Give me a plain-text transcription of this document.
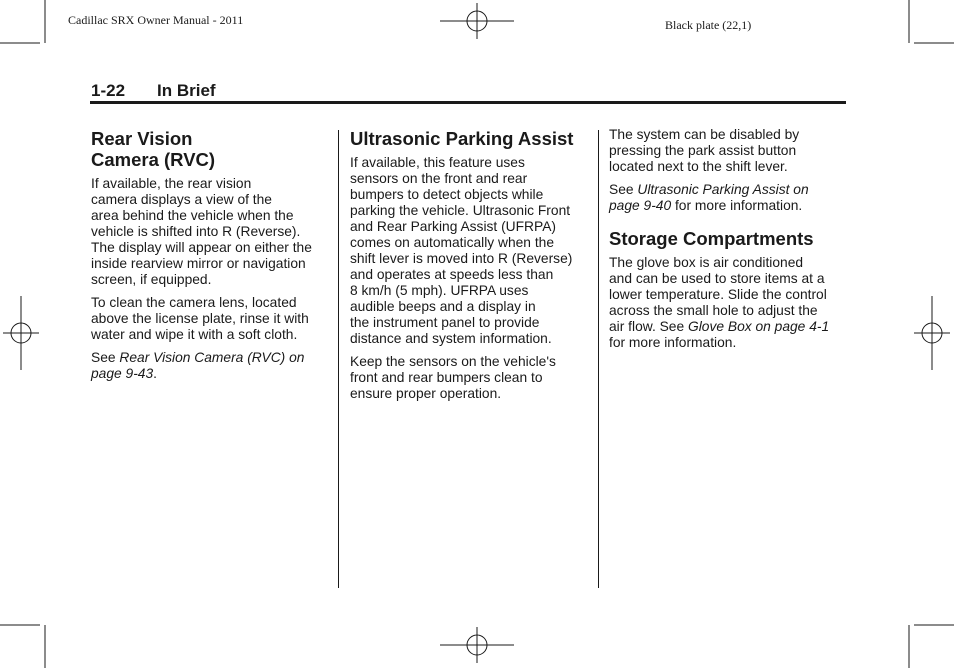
Cadillac SRX Owner Manual - 2011	Black plate (22,1)
1-22 In Brief
Rear Vision
Camera (RVC)

If available, the rear vision
camera displays a view of the
area behind the vehicle when the
vehicle is shifted into R (Reverse).
The display will appear on either the
inside rearview mirror or navigation
screen, if equipped.

To clean the camera lens, located
above the license plate, rinse it with
water and wipe it with a soft cloth.

See Rear Vision Camera (RVC) on
page 9-43.

Ultrasonic Parking Assist

If available, this feature uses
sensors on the front and rear
bumpers to detect objects while
parking the vehicle. Ultrasonic Front
and Rear Parking Assist (UFRPA)
comes on automatically when the
shift lever is moved into R (Reverse)
and operates at speeds less than
8 km/h (5 mph). UFRPA uses
audible beeps and a display in
the instrument panel to provide
distance and system information.

Keep the sensors on the vehicle's
front and rear bumpers clean to
ensure proper operation.

The system can be disabled by
pressing the park assist button
located next to the shift lever.

See Ultrasonic Parking Assist on
page 9-40 for more information.

Storage Compartments

The glove box is air conditioned
and can be used to store items at a
lower temperature. Slide the control
across the small hole to adjust the
air flow. See Glove Box on page 4-1
for more information.
